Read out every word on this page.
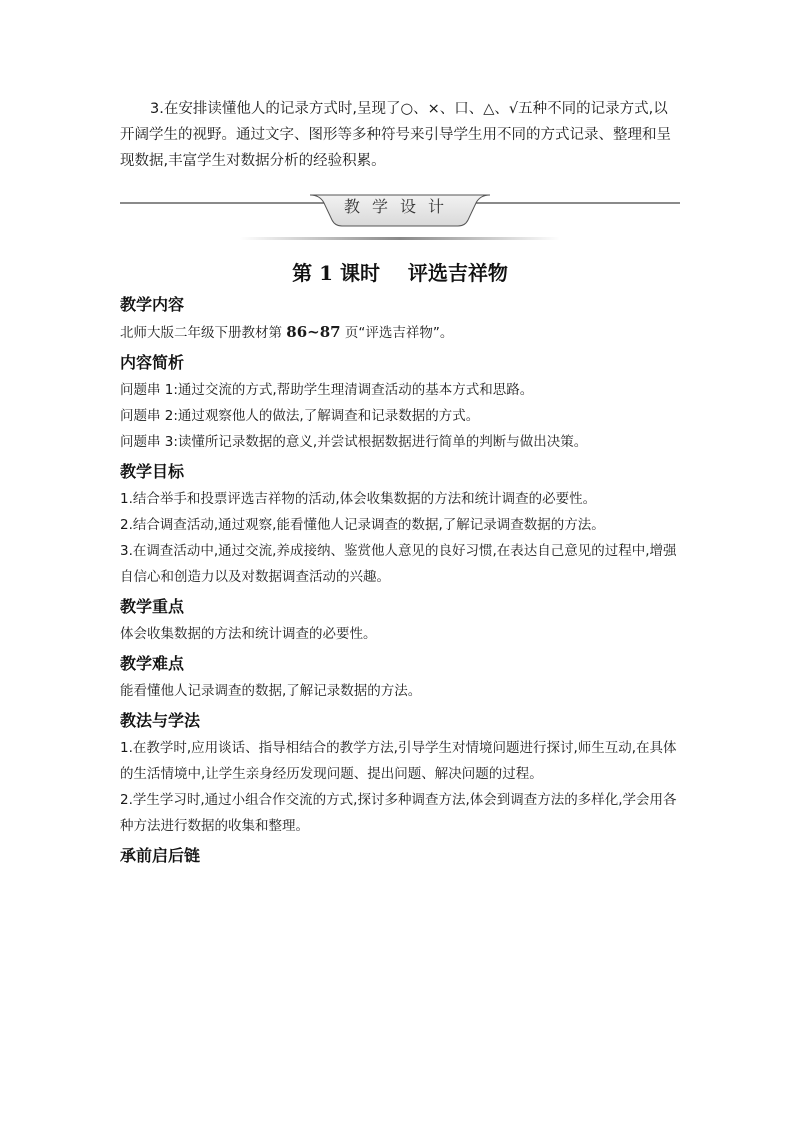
3.在安排读懂他人的记录方式时,呈现了○、×、口、△、√五种不同的记录方式,以开阔学生的视野。通过文字、图形等多种符号来引导学生用不同的方式记录、整理和呈现数据,丰富学生对数据分析的经验积累。

教学设计
第 1 课时    评选吉祥物
教学内容

北师大版二年级下册教材第 86~87 页“评选吉祥物”。

内容简析

问题串 1:通过交流的方式,帮助学生理清调查活动的基本方式和思路。

问题串 2:通过观察他人的做法,了解调查和记录数据的方式。

问题串 3:读懂所记录数据的意义,并尝试根据数据进行简单的判断与做出决策。

教学目标

1.结合举手和投票评选吉祥物的活动,体会收集数据的方法和统计调查的必要性。

2.结合调查活动,通过观察,能看懂他人记录调查的数据,了解记录调查数据的方法。

3.在调查活动中,通过交流,养成接纳、鉴赏他人意见的良好习惯,在表达自己意见的过程中,增强自信心和创造力以及对数据调查活动的兴趣。

教学重点

体会收集数据的方法和统计调查的必要性。

教学难点

能看懂他人记录调查的数据,了解记录数据的方法。

教法与学法

1.在教学时,应用谈话、指导相结合的教学方法,引导学生对情境问题进行探讨,师生互动,在具体的生活情境中,让学生亲身经历发现问题、提出问题、解决问题的过程。

2.学生学习时,通过小组合作交流的方式,探讨多种调查方法,体会到调查方法的多样化,学会用各种方法进行数据的收集和整理。

承前启后链
